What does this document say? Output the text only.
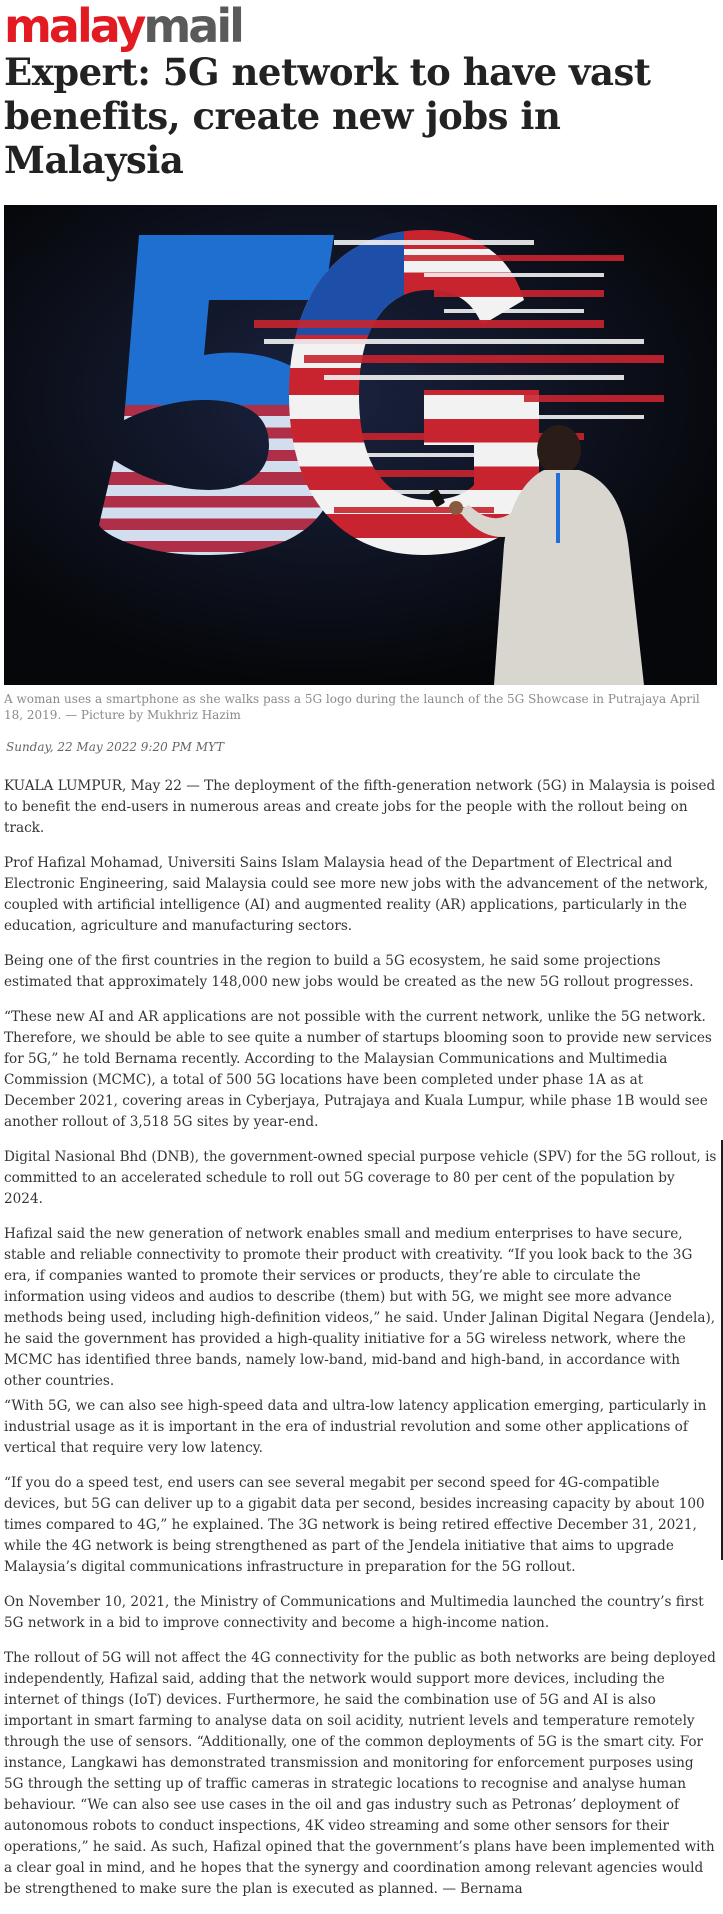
malay mail
Expert: 5G network to have vast benefits, create new jobs in Malaysia
A woman uses a smartphone as she walks pass a 5G logo during the launch of the 5G Showcase in Putrajaya April 18, 2019. — Picture by Mukhriz Hazim
Sunday, 22 May 2022 9:20 PM MYT

KUALA LUMPUR, May 22 — The deployment of the fifth-generation network (5G) in Malaysia is poised to benefit the end-users in numerous areas and create jobs for the people with the rollout being on track.

Prof Hafizal Mohamad, Universiti Sains Islam Malaysia head of the Department of Electrical and Electronic Engineering, said Malaysia could see more new jobs with the advancement of the network, coupled with artificial intelligence (AI) and augmented reality (AR) applications, particularly in the education, agriculture and manufacturing sectors.

Being one of the first countries in the region to build a 5G ecosystem, he said some projections estimated that approximately 148,000 new jobs would be created as the new 5G rollout progresses.

“These new AI and AR applications are not possible with the current network, unlike the 5G network. Therefore, we should be able to see quite a number of startups blooming soon to provide new services for 5G,” he told Bernama recently. According to the Malaysian Communications and Multimedia Commission (MCMC), a total of 500 5G locations have been completed under phase 1A as at December 2021, covering areas in Cyberjaya, Putrajaya and Kuala Lumpur, while phase 1B would see another rollout of 3,518 5G sites by year-end.

Digital Nasional Bhd (DNB), the government-owned special purpose vehicle (SPV) for the 5G rollout, is committed to an accelerated schedule to roll out 5G coverage to 80 per cent of the population by 2024.

Hafizal said the new generation of network enables small and medium enterprises to have secure, stable and reliable connectivity to promote their product with creativity. “If you look back to the 3G era, if companies wanted to promote their services or products, they’re able to circulate the information using videos and audios to describe (them) but with 5G, we might see more advance methods being used, including high-definition videos,” he said. Under Jalinan Digital Negara (Jendela), he said the government has provided a high-quality initiative for a 5G wireless network, where the MCMC has identified three bands, namely low-band, mid-band and high-band, in accordance with other countries.

“With 5G, we can also see high-speed data and ultra-low latency application emerging, particularly in industrial usage as it is important in the era of industrial revolution and some other applications of vertical that require very low latency.

“If you do a speed test, end users can see several megabit per second speed for 4G-compatible devices, but 5G can deliver up to a gigabit data per second, besides increasing capacity by about 100 times compared to 4G,” he explained. The 3G network is being retired effective December 31, 2021, while the 4G network is being strengthened as part of the Jendela initiative that aims to upgrade Malaysia’s digital communications infrastructure in preparation for the 5G rollout.

On November 10, 2021, the Ministry of Communications and Multimedia launched the country’s first 5G network in a bid to improve connectivity and become a high-income nation.

The rollout of 5G will not affect the 4G connectivity for the public as both networks are being deployed independently, Hafizal said, adding that the network would support more devices, including the internet of things (IoT) devices. Furthermore, he said the combination use of 5G and AI is also important in smart farming to analyse data on soil acidity, nutrient levels and temperature remotely through the use of sensors. “Additionally, one of the common deployments of 5G is the smart city. For instance, Langkawi has demonstrated transmission and monitoring for enforcement purposes using 5G through the setting up of traffic cameras in strategic locations to recognise and analyse human behaviour. “We can also see use cases in the oil and gas industry such as Petronas’ deployment of autonomous robots to conduct inspections, 4K video streaming and some other sensors for their operations,” he said. As such, Hafizal opined that the government’s plans have been implemented with a clear goal in mind, and he hopes that the synergy and coordination among relevant agencies would be strengthened to make sure the plan is executed as planned. — Bernama
